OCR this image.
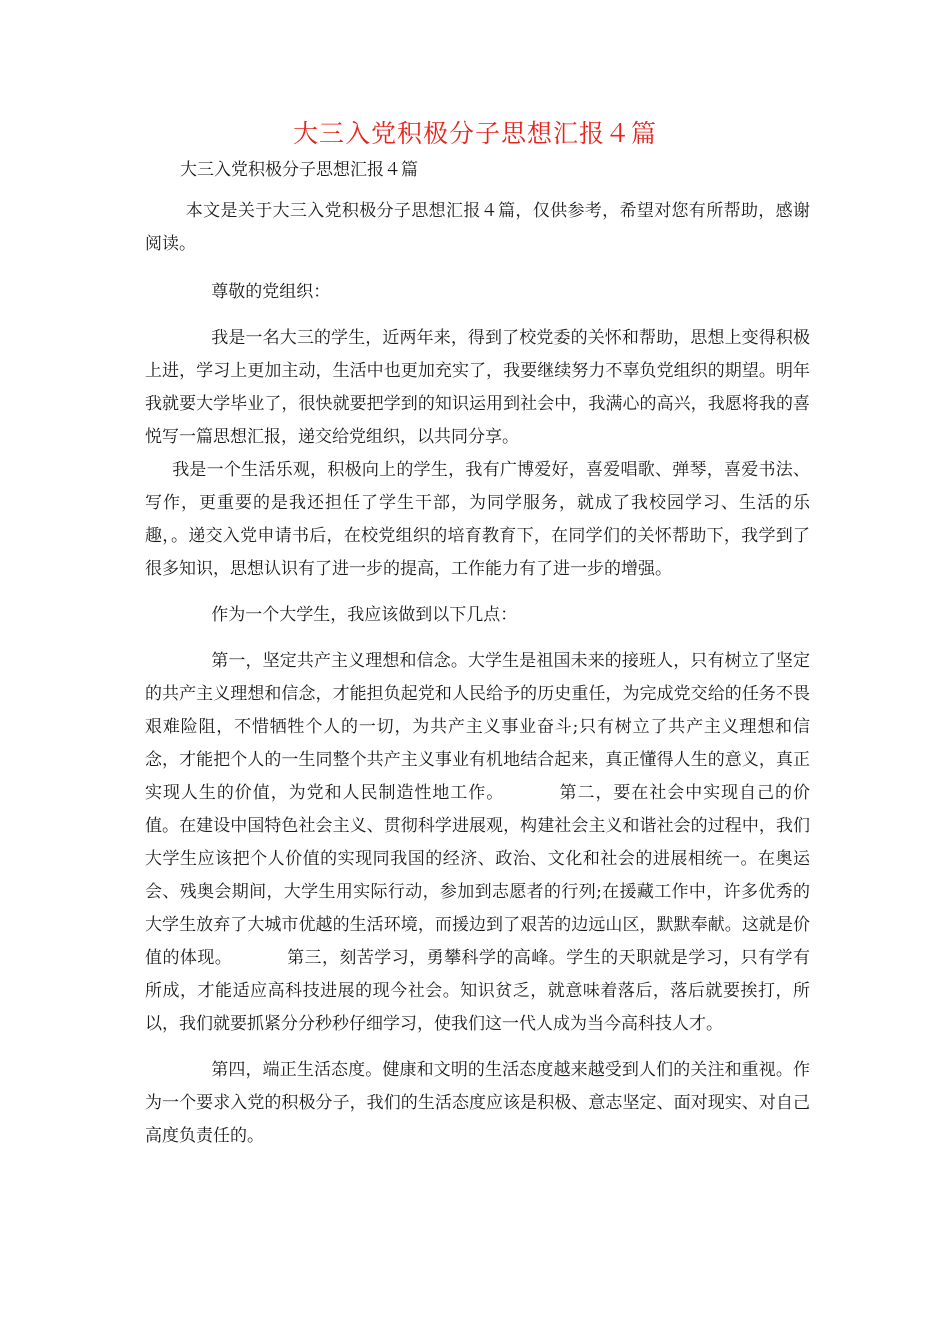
大三入党积极分子思想汇报４篇

大三入党积极分子思想汇报４篇

本文是关于大三入党积极分子思想汇报４篇，仅供参考，希望对您有所帮助，感谢阅读。

尊敬的党组织：

我是一名大三的学生，近两年来，得到了校党委的关怀和帮助，思想上变得积极上进，学习上更加主动，生活中也更加充实了，我要继续努力不辜负党组织的期望。明年我就要大学毕业了，很快就要把学到的知识运用到社会中，我满心的高兴，我愿将我的喜悦写一篇思想汇报，递交给党组织，以共同分享。

我是一个生活乐观，积极向上的学生，我有广博爱好，喜爱唱歌、弹琴，喜爱书法、写作，更重要的是我还担任了学生干部，为同学服务，就成了我校园学习、生活的乐趣，。递交入党申请书后，在校党组织的培育教育下，在同学们的关怀帮助下，我学到了很多知识，思想认识有了进一步的提高，工作能力有了进一步的增强。

作为一个大学生，我应该做到以下几点：

第一，坚定共产主义理想和信念。大学生是祖国未来的接班人，只有树立了坚定的共产主义理想和信念，才能担负起党和人民给予的历史重任，为完成党交给的任务不畏艰难险阻，不惜牺牲个人的一切，为共产主义事业奋斗;只有树立了共产主义理想和信念，才能把个人的一生同整个共产主义事业有机地结合起来，真正懂得人生的意义，真正实现人生的价值，为党和人民制造性地工作。	第二，要在社会中实现自己的价值。在建设中国特色社会主义、贯彻科学进展观，构建社会主义和谐社会的过程中，我们大学生应该把个人价值的实现同我国的经济、政治、文化和社会的进展相统一。在奥运会、残奥会期间，大学生用实际行动，参加到志愿者的行列;在援藏工作中，许多优秀的大学生放弃了大城市优越的生活环境，而援边到了艰苦的边远山区，默默奉献。这就是价值的体现。	第三，刻苦学习，勇攀科学的高峰。学生的天职就是学习，只有学有所成，才能适应高科技进展的现今社会。知识贫乏，就意味着落后，落后就要挨打，所以，我们就要抓紧分分秒秒仔细学习，使我们这一代人成为当今高科技人才。

第四，端正生活态度。健康和文明的生活态度越来越受到人们的关注和重视。作为一个要求入党的积极分子，我们的生活态度应该是积极、意志坚定、面对现实、对自己高度负责任的。
